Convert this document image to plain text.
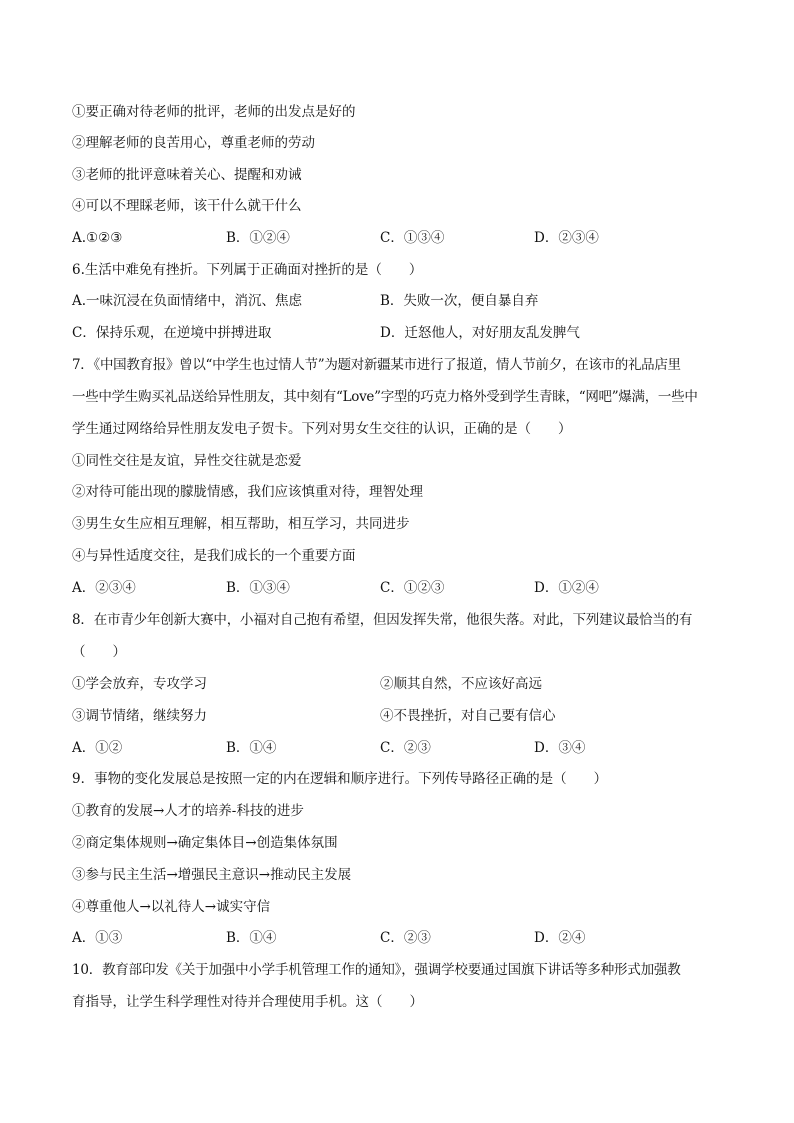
①要正确对待老师的批评，老师的出发点是好的
②理解老师的良苦用心，尊重老师的劳动
③老师的批评意味着关心、提醒和劝诫
④可以不理睬老师，该干什么就干什么
A.①②③	B．①②④	C．①③④	D．②③④
6.生活中难免有挫折。下列属于正确面对挫折的是（　　）
A.一味沉浸在负面情绪中，消沉、焦虑	B．失败一次，便自暴自弃
C．保持乐观，在逆境中拼搏进取	D．迁怒他人，对好朋友乱发脾气
7．《中国教育报》曾以“中学生也过情人节”为题对新疆某市进行了报道，情人节前夕，在该市的礼品店里
一些中学生购买礼品送给异性朋友，其中刻有“Love”字型的巧克力格外受到学生青睐，“网吧”爆满，一些中
学生通过网络给异性朋友发电子贺卡。下列对男女生交往的认识，正确的是（　　）
①同性交往是友谊，异性交往就是恋爱
②对待可能出现的朦胧情感，我们应该慎重对待，理智处理
③男生女生应相互理解，相互帮助，相互学习，共同进步
④与异性适度交往，是我们成长的一个重要方面
A．②③④	B．①③④	C．①②③	D．①②④
8．在市青少年创新大赛中，小福对自己抱有希望，但因发挥失常，他很失落。对此，下列建议最恰当的有
（　　）
①学会放弃，专攻学习	②顺其自然，不应该好高远
③调节情绪，继续努力	④不畏挫折，对自己要有信心
A．①②	B．①④	C．②③	D．③④
9．事物的变化发展总是按照一定的内在逻辑和顺序进行。下列传导路径正确的是（　　）
①教育的发展→人才的培养-科技的进步
②商定集体规则→确定集体目→创造集体氛围
③参与民主生活→增强民主意识→推动民主发展
④尊重他人→以礼待人→诚实守信
A．①③	B．①④	C．②③	D．②④
10．教育部印发《关于加强中小学手机管理工作的通知》，强调学校要通过国旗下讲话等多种形式加强教
育指导，让学生科学理性对待并合理使用手机。这（　　）
